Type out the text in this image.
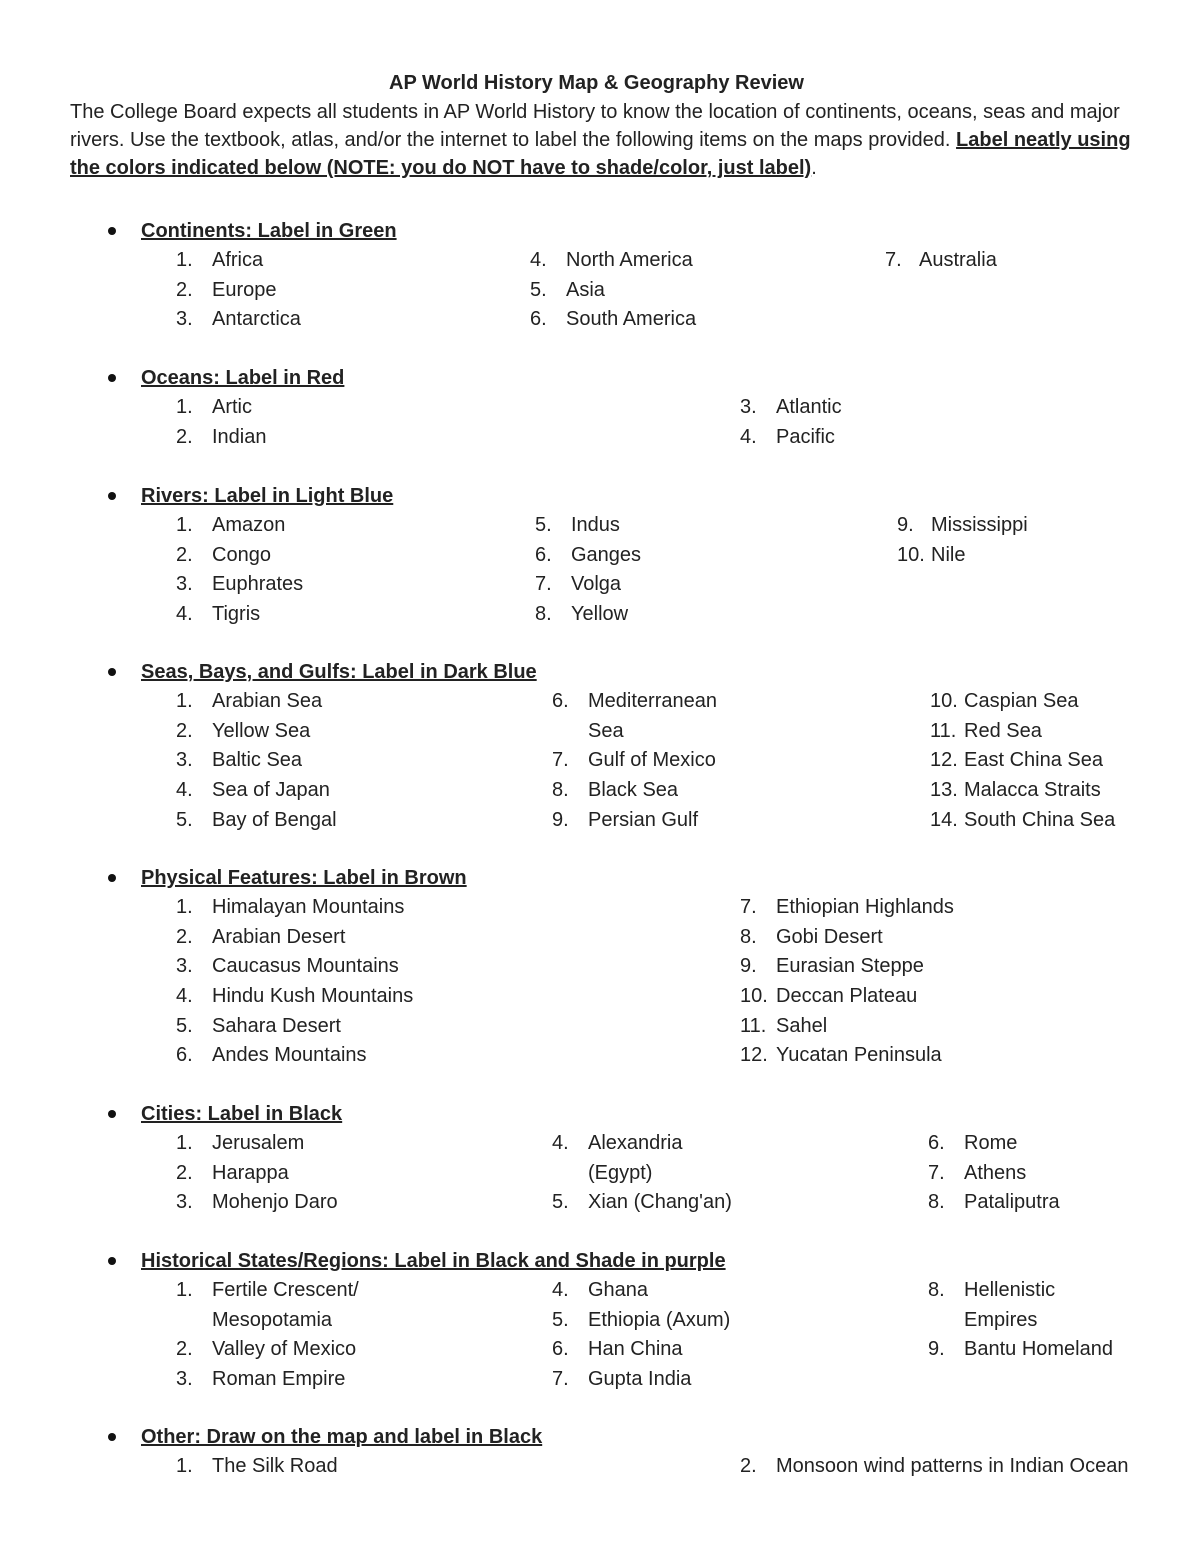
AP World History Map & Geography Review

The College Board expects all students in AP World History to know the location of continents, oceans, seas and major rivers. Use the textbook, atlas, and/or the internet to label the following items on the maps provided. Label neatly using the colors indicated below (NOTE: you do NOT have to shade/color, just label).

Continents: Label in Green
1. Africa
2. Europe
3. Antarctica
4. North America
5. Asia
6. South America
7. Australia
Oceans: Label in Red
1. Artic
2. Indian
3. Atlantic
4. Pacific
Rivers: Label in Light Blue
1. Amazon
2. Congo
3. Euphrates
4. Tigris
5. Indus
6. Ganges
7. Volga
8. Yellow
9. Mississippi
10. Nile
Seas, Bays, and Gulfs: Label in Dark Blue
1. Arabian Sea
2. Yellow Sea
3. Baltic Sea
4. Sea of Japan
5. Bay of Bengal
6. Mediterranean
Sea
7. Gulf of Mexico
8. Black Sea
9. Persian Gulf
10. Caspian Sea
11. Red Sea
12. East China Sea
13. Malacca Straits
14. South China Sea
Physical Features: Label in Brown
1. Himalayan Mountains
2. Arabian Desert
3. Caucasus Mountains
4. Hindu Kush Mountains
5. Sahara Desert
6. Andes Mountains
7. Ethiopian Highlands
8. Gobi Desert
9. Eurasian Steppe
10. Deccan Plateau
11. Sahel
12. Yucatan Peninsula
Cities: Label in Black
1. Jerusalem
2. Harappa
3. Mohenjo Daro
4. Alexandria
(Egypt)
5. Xian (Chang'an)
6. Rome
7. Athens
8. Pataliputra
Historical States/Regions: Label in Black and Shade in purple
1. Fertile Crescent/
Mesopotamia
2. Valley of Mexico
3. Roman Empire
4. Ghana
5. Ethiopia (Axum)
6. Han China
7. Gupta India
8. Hellenistic
Empires
9. Bantu Homeland
Other: Draw on the map and label in Black
1. The Silk Road	2. Monsoon wind patterns in Indian Ocean
